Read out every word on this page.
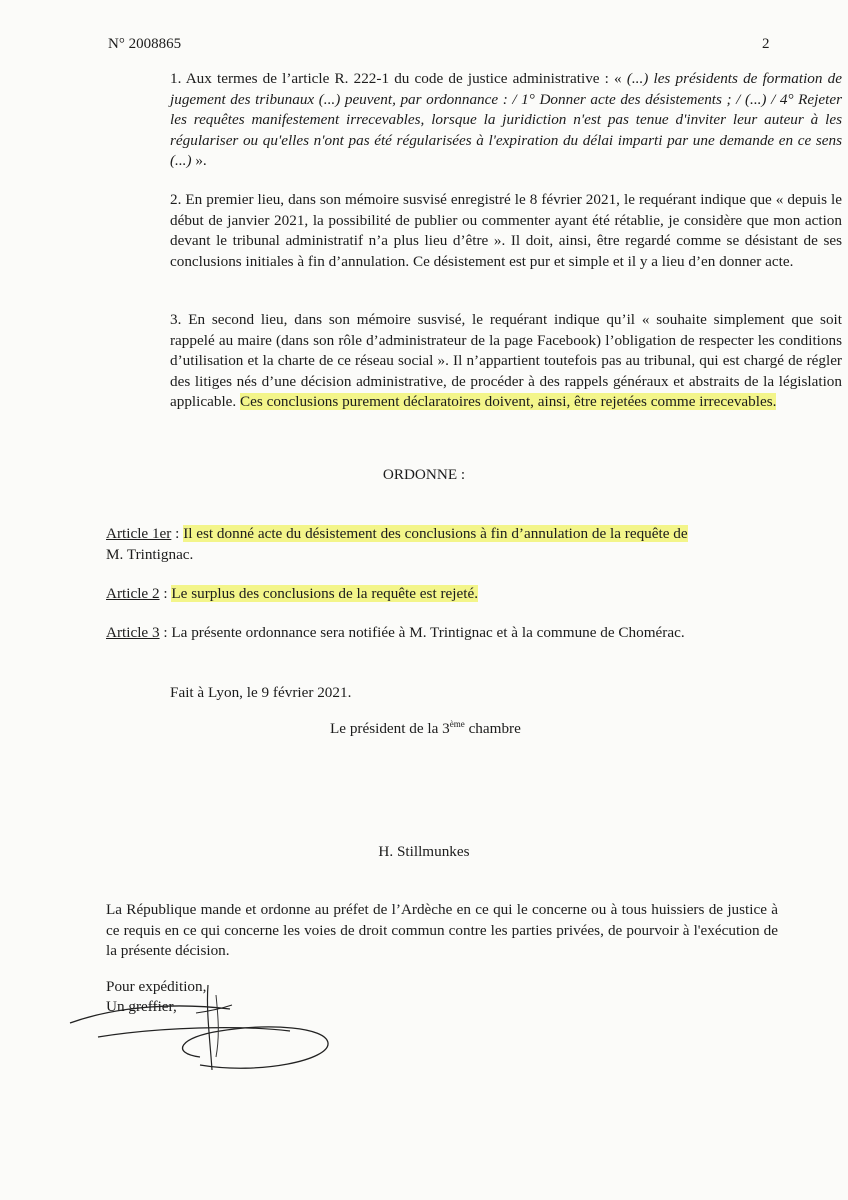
N° 2008865	2

1. Aux termes de l’article R. 222-1 du code de justice administrative : « (...) les présidents de formation de jugement des tribunaux (...) peuvent, par ordonnance : / 1° Donner acte des désistements ; / (...) / 4° Rejeter les requêtes manifestement irrecevables, lorsque la juridiction n'est pas tenue d'inviter leur auteur à les régulariser ou qu'elles n'ont pas été régularisées à l'expiration du délai imparti par une demande en ce sens (...) ».

2. En premier lieu, dans son mémoire susvisé enregistré le 8 février 2021, le requérant indique que « depuis le début de janvier 2021, la possibilité de publier ou commenter ayant été rétablie, je considère que mon action devant le tribunal administratif n’a plus lieu d’être ». Il doit, ainsi, être regardé comme se désistant de ses conclusions initiales à fin d’annulation. Ce désistement est pur et simple et il y a lieu d’en donner acte.

3. En second lieu, dans son mémoire susvisé, le requérant indique qu’il « souhaite simplement que soit rappelé au maire (dans son rôle d’administrateur de la page Facebook) l’obligation de respecter les conditions d’utilisation et la charte de ce réseau social ». Il n’appartient toutefois pas au tribunal, qui est chargé de régler des litiges nés d’une décision administrative, de procéder à des rappels généraux et abstraits de la législation applicable. Ces conclusions purement déclaratoires doivent, ainsi, être rejetées comme irrecevables.

ORDONNE :

Article 1er : Il est donné acte du désistement des conclusions à fin d’annulation de la requête de
M. Trintignac.

Article 2 : Le surplus des conclusions de la requête est rejeté.

Article 3 : La présente ordonnance sera notifiée à M. Trintignac et à la commune de Chomérac.

Fait à Lyon, le 9 février 2021.
Le président de la 3ème chambre
H. Stillmunkes

La République mande et ordonne au préfet de l’Ardèche en ce qui le concerne ou à tous huissiers de justice à ce requis en ce qui concerne les voies de droit commun contre les parties privées, de pourvoir à l'exécution de la présente décision.

Pour expédition,
Un greffier,
